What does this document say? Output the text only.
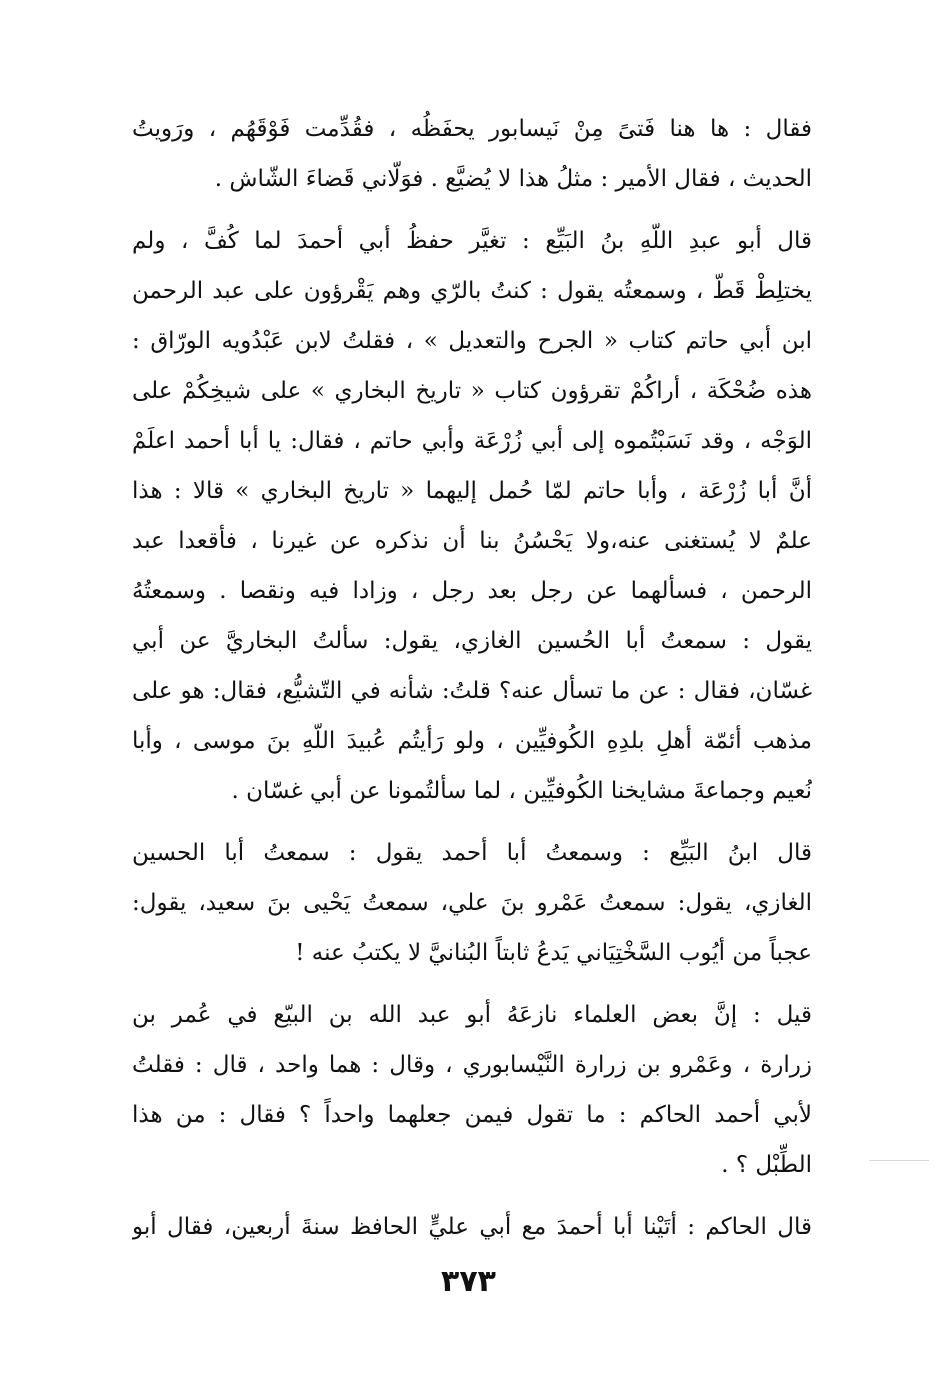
فقال : ها هنا فَتىً مِنْ نَيسابور يحفَظُه ، فقُدِّمت فَوْقَهُم ، ورَويتُ
الحديث ، فقال الأمير : مثلُ هذا لا يُضيَّع . فوَلّاني قَضاءَ الشّاش .
قال أبو عبدِ اللّهِ بنُ البَيِّع : تغيَّر حفظُ أبي أحمدَ لما كُفَّ ، ولم
يختلِطْ قَطّ ، وسمعتُه يقول : كنتُ بالرّي وهم يَقْرؤون على عبد الرحمن
ابن أبي حاتم كتاب « الجرح والتعديل » ، فقلتُ لابن عَبْدُويه الورّاق :
هذه ضُحْكَة ، أراكُمْ تقرؤون كتاب « تاريخ البخاري » على شيخِكُمْ على
الوَجْه ، وقد نَسَبْتُموه إلى أبي زُرْعَة وأبي حاتم ، فقال: يا أبا أحمد اعلَمْ
أنَّ أبا زُرْعَة ، وأبا حاتم لمّا حُمل إليهما « تاريخ البخاري » قالا : هذا
علمٌ لا يُستغنى عنه،ولا يَحْسُنُ بنا أن نذكره عن غيرنا ، فأقعدا عبد
الرحمن ، فسألهما عن رجل بعد رجل ، وزادا فيه ونقصا . وسمعتُهُ
يقول : سمعتُ أبا الحُسين الغازي، يقول: سألتُ البخاريَّ عن أبي
غسّان، فقال : عن ما تسأل عنه؟ قلتُ: شأنه في التّشيُّع، فقال: هو على
مذهب أئمّة أهلِ بلدِهِ الكُوفيِّين ، ولو رَأيتُم عُبيدَ اللّهِ بنَ موسى ، وأبا
نُعيم وجماعةَ مشايخنا الكُوفيِّين ، لما سألتُمونا عن أبي غسّان .
قال ابنُ البَيِّع : وسمعتُ أبا أحمد يقول : سمعتُ أبا الحسين
الغازي، يقول: سمعتُ عَمْرو بنَ علي، سمعتُ يَحْيى بنَ سعيد، يقول:
عجباً من أيُوب السَّخْتِيَاني يَدعُ ثابتاً البُنانيَّ لا يكتبُ عنه !
قيل : إنَّ بعض العلماء نازعَهُ أبو عبد الله بن البيّع في عُمر بن
زرارة ، وعَمْرو بن زرارة النَّيْسابوري ، وقال : هما واحد ، قال : فقلتُ
لأبي أحمد الحاكم : ما تقول فيمن جعلهما واحداً ؟ فقال : من هذا
الطِّبْل ؟ .
قال الحاكم : أتَيْنا أبا أحمدَ مع أبي عليٍّ الحافظ سنةَ أربعين، فقال أبو
٣٧٣
